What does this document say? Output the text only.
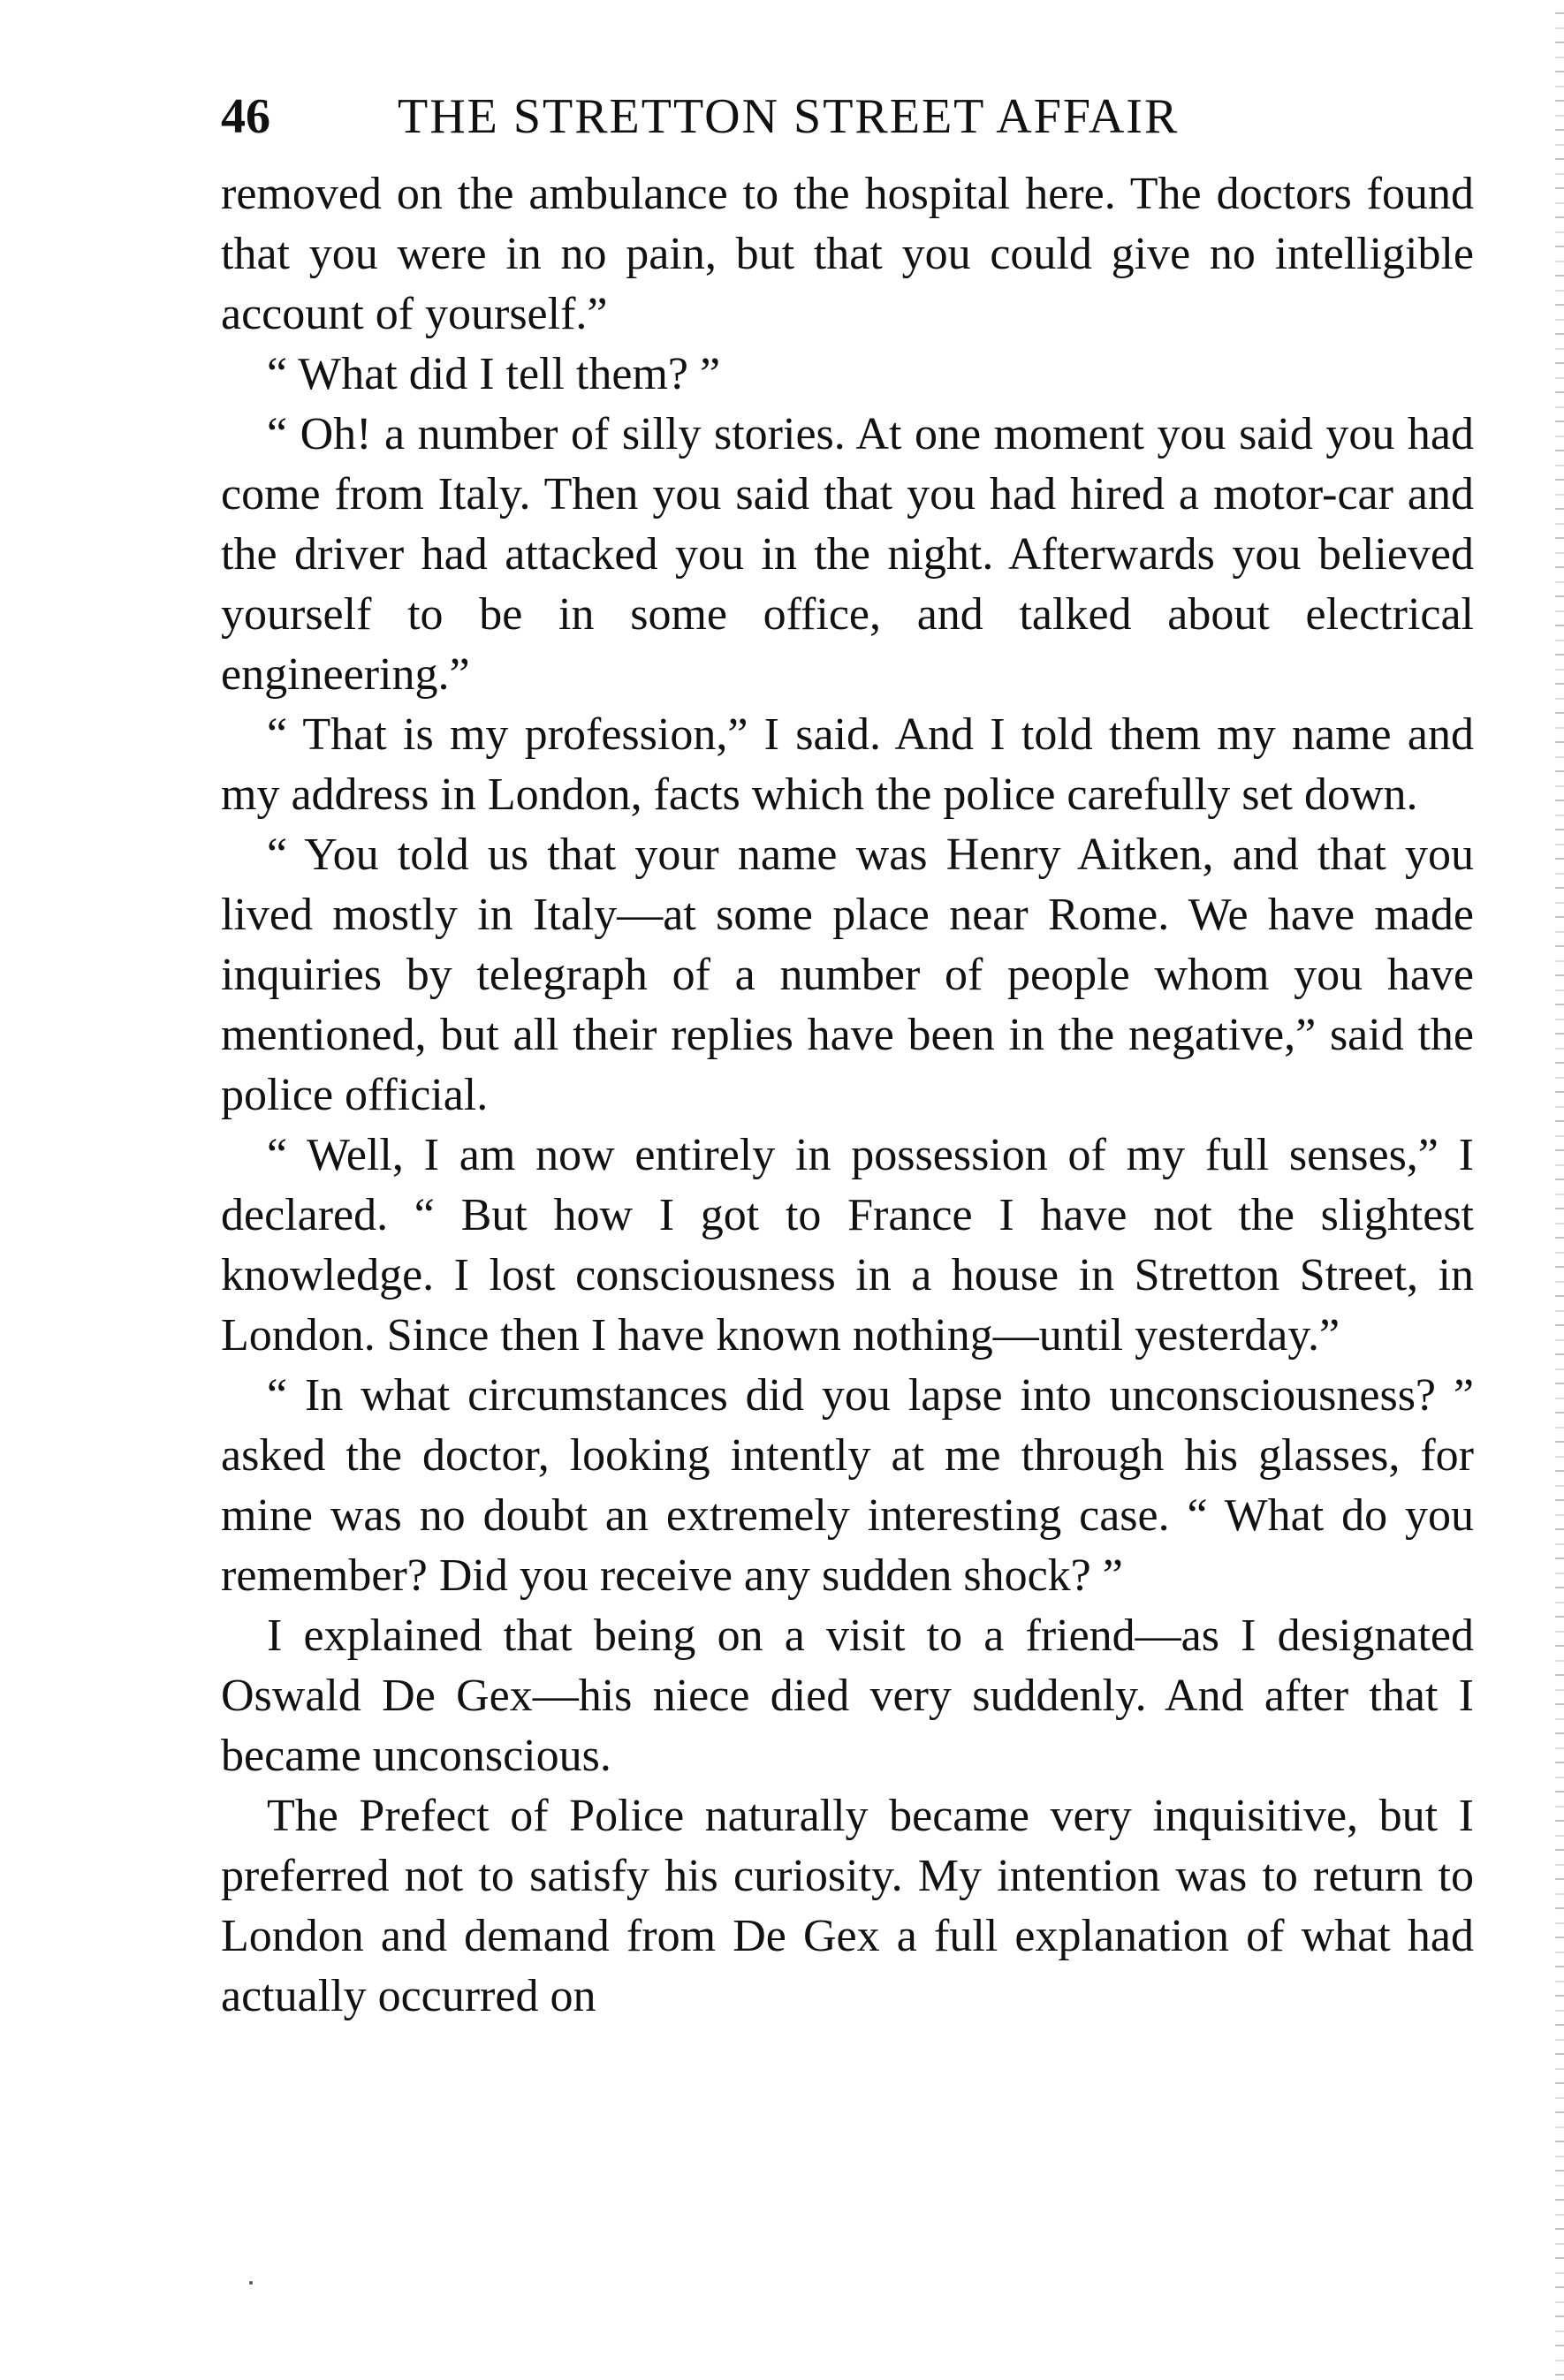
46	THE STRETTON STREET AFFAIR

removed on the ambulance to the hospital here. The doctors found that you were in no pain, but that you could give no intelligible account of yourself.”

“ What did I tell them? ”

“ Oh! a number of silly stories. At one moment you said you had come from Italy. Then you said that you had hired a motor-car and the driver had attacked you in the night. Afterwards you believed yourself to be in some office, and talked about electrical engineering.”

“ That is my profession,” I said. And I told them my name and my address in London, facts which the police carefully set down.

“ You told us that your name was Henry Aitken, and that you lived mostly in Italy—at some place near Rome. We have made inquiries by telegraph of a number of people whom you have mentioned, but all their replies have been in the negative,” said the police official.

“ Well, I am now entirely in possession of my full senses,” I declared. “ But how I got to France I have not the slightest knowledge. I lost consciousness in a house in Stretton Street, in London. Since then I have known nothing—until yesterday.”

“ In what circumstances did you lapse into unconsciousness? ” asked the doctor, looking intently at me through his glasses, for mine was no doubt an extremely interesting case. “ What do you remember? Did you receive any sudden shock? ”

I explained that being on a visit to a friend—as I designated Oswald De Gex—his niece died very suddenly. And after that I became unconscious.

The Prefect of Police naturally became very inquisitive, but I preferred not to satisfy his curiosity. My intention was to return to London and demand from De Gex a full explanation of what had actually occurred on
